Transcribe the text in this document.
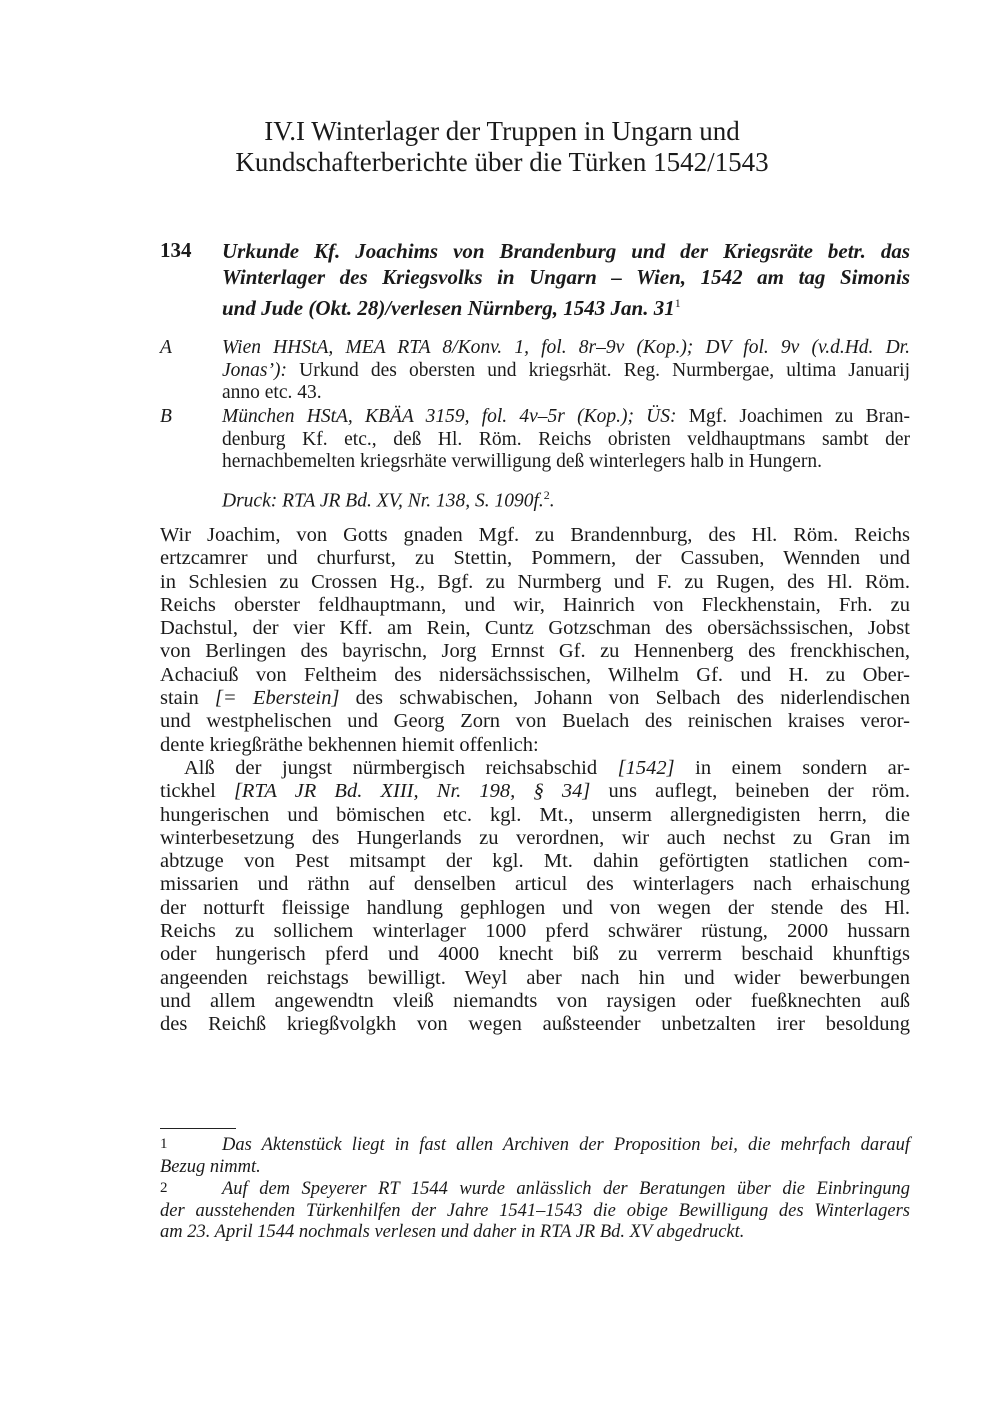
IV.I Winterlager der Truppen in Ungarn und
Kundschafterberichte über die Türken 1542/1543
134 Urkunde Kf. Joachims von Brandenburg und der Kriegsräte betr. das
Winterlager des Kriegsvolks in Ungarn – Wien, 1542 am tag Simonis
und Jude (Okt. 28)/verlesen Nürnberg, 1543 Jan. $31^1$
A	Wien HHStA, MEA RTA 8/Konv. 1, fol. 8r–9v (Kop.); DV fol. 9v (v.d.Hd. Dr.
Jonas’): Urkund des obersten und kriegsrhät. Reg. Nurmbergae, ultima Januarij
anno etc. 43.
B	München HStA, KBÄA 3159, fol. 4v–5r (Kop.); ÜS: Mgf. Joachimen zu Bran-
denburg Kf. etc., deß Hl. Röm. Reichs obristen veldhauptmans sambt der
hernachbemelten kriegsrhäte verwilligung deß winterlegers halb in Hungern.
Druck: RTA JR Bd. XV, Nr. 138, S. 1090f.$^2$.
Wir Joachim, von Gotts gnaden Mgf. zu Brandennburg, des Hl. Röm. Reichs
ertzcamrer und churfurst, zu Stettin, Pommern, der Cassuben, Wennden und
in Schlesien zu Crossen Hg., Bgf. zu Nurmberg und F. zu Rugen, des Hl. Röm.
Reichs oberster feldhauptmann, und wir, Hainrich von Fleckhenstain, Frh. zu
Dachstul, der vier Kff. am Rein, Cuntz Gotzschman des obersächssischen, Jobst
von Berlingen des bayrischn, Jorg Ernnst Gf. zu Hennenberg des frenckhischen,
Achaciuß von Feltheim des nidersächssischen, Wilhelm Gf. und H. zu Ober-
stain [= Eberstein] des schwabischen, Johann von Selbach des niderlendischen
und westphelischen und Georg Zorn von Buelach des reinischen kraises veror-
dente kriegßräthe bekhennen hiemit offenlich:
Alß der jungst nürmbergisch reichsabschid [1542] in einem sondern ar-
tickhel [RTA JR Bd. XIII, Nr. 198, § 34] uns auflegt, beineben der röm.
hungerischen und bömischen etc. kgl. Mt., unserm allergnedigisten herrn, die
winterbesetzung des Hungerlands zu verordnen, wir auch nechst zu Gran im
abtzuge von Pest mitsampt der kgl. Mt. dahin geförtigten statlichen com-
missarien und räthn auf denselben articul des winterlagers nach erhaischung
der notturft fleissige handlung gephlogen und von wegen der stende des Hl.
Reichs zu sollichem winterlager 1000 pferd schwärer rüstung, 2000 hussarn
oder hungerisch pferd und 4000 knecht biß zu verrerm beschaid khunftigs
angeenden reichstags bewilligt. Weyl aber nach hin und wider bewerbungen
und allem angewendtn vleiß niemandts von raysigen oder fueßknechten auß
des Reichß kriegßvolgkh von wegen außsteender unbetzalten irer besoldung
1	Das Aktenstück liegt in fast allen Archiven der Proposition bei, die mehrfach darauf
Bezug nimmt.
2	Auf dem Speyerer RT 1544 wurde anlässlich der Beratungen über die Einbringung
der ausstehenden Türkenhilfen der Jahre 1541–1543 die obige Bewilligung des Winterlagers
am 23. April 1544 nochmals verlesen und daher in RTA JR Bd. XV abgedruckt.
